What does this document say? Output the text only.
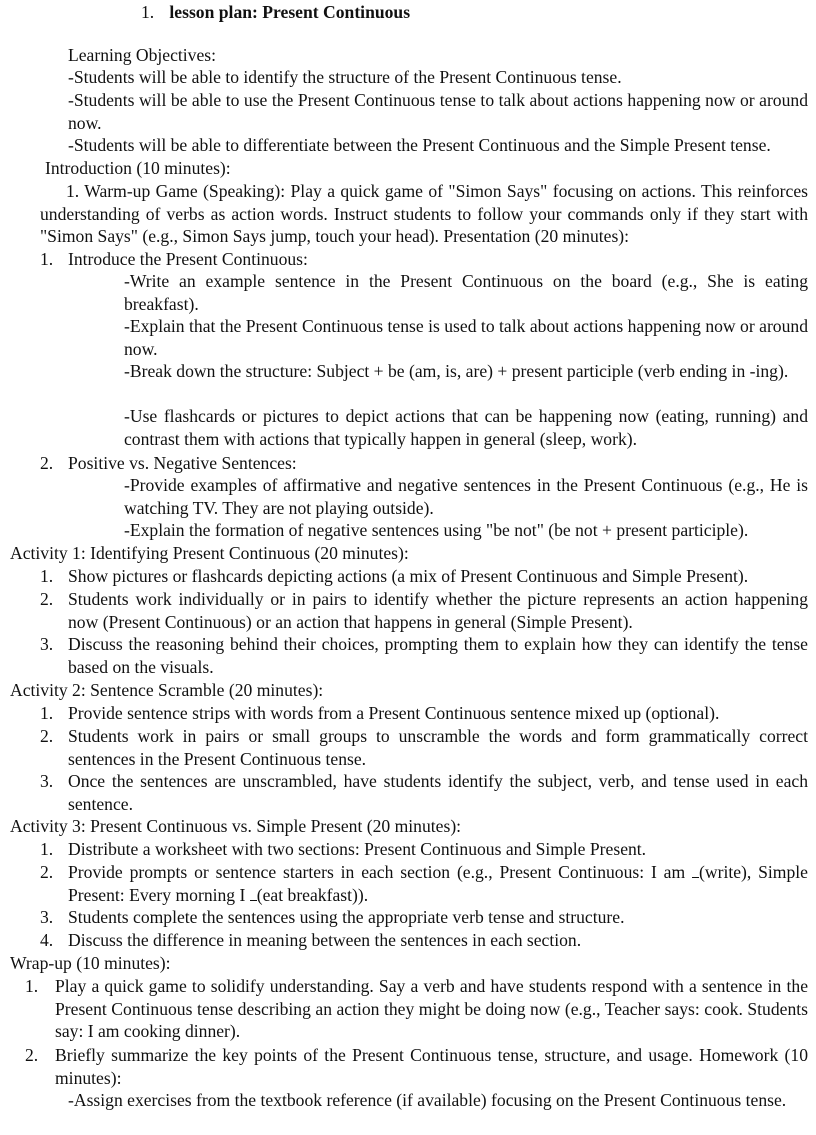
1. lesson plan: Present Continuous
Learning Objectives:
-Students will be able to identify the structure of the Present Continuous tense.
-Students will be able to use the Present Continuous tense to talk about actions happening now or around now.
-Students will be able to differentiate between the Present Continuous and the Simple Present tense.
Introduction (10 minutes):
1. Warm-up Game (Speaking): Play a quick game of "Simon Says" focusing on actions. This reinforces understanding of verbs as action words. Instruct students to follow your commands only if they start with "Simon Says" (e.g., Simon Says jump, touch your head). Presentation (20 minutes):
1. Introduce the Present Continuous:
-Write an example sentence in the Present Continuous on the board (e.g., She is eating breakfast).
-Explain that the Present Continuous tense is used to talk about actions happening now or around now.
-Break down the structure: Subject + be (am, is, are) + present participle (verb ending in -ing).
-Use flashcards or pictures to depict actions that can be happening now (eating, running) and contrast them with actions that typically happen in general (sleep, work).
2. Positive vs. Negative Sentences:
-Provide examples of affirmative and negative sentences in the Present Continuous (e.g., He is watching TV. They are not playing outside).
-Explain the formation of negative sentences using "be not" (be not + present participle).
Activity 1: Identifying Present Continuous (20 minutes):
1. Show pictures or flashcards depicting actions (a mix of Present Continuous and Simple Present).
2. Students work individually or in pairs to identify whether the picture represents an action happening now (Present Continuous) or an action that happens in general (Simple Present).
3. Discuss the reasoning behind their choices, prompting them to explain how they can identify the tense based on the visuals.
Activity 2: Sentence Scramble (20 minutes):
1. Provide sentence strips with words from a Present Continuous sentence mixed up (optional).
2. Students work in pairs or small groups to unscramble the words and form grammatically correct sentences in the Present Continuous tense.
3. Once the sentences are unscrambled, have students identify the subject, verb, and tense used in each sentence.
Activity 3: Present Continuous vs. Simple Present (20 minutes):
1. Distribute a worksheet with two sections: Present Continuous and Simple Present.
2. Provide prompts or sentence starters in each section (e.g., Present Continuous: I am (write), Simple Present: Every morning I (eat breakfast)).
3. Students complete the sentences using the appropriate verb tense and structure.
4. Discuss the difference in meaning between the sentences in each section.
Wrap-up (10 minutes):
1. Play a quick game to solidify understanding. Say a verb and have students respond with a sentence in the Present Continuous tense describing an action they might be doing now (e.g., Teacher says: cook. Students say: I am cooking dinner).
2. Briefly summarize the key points of the Present Continuous tense, structure, and usage. Homework (10 minutes):
-Assign exercises from the textbook reference (if available) focusing on the Present Continuous tense.
